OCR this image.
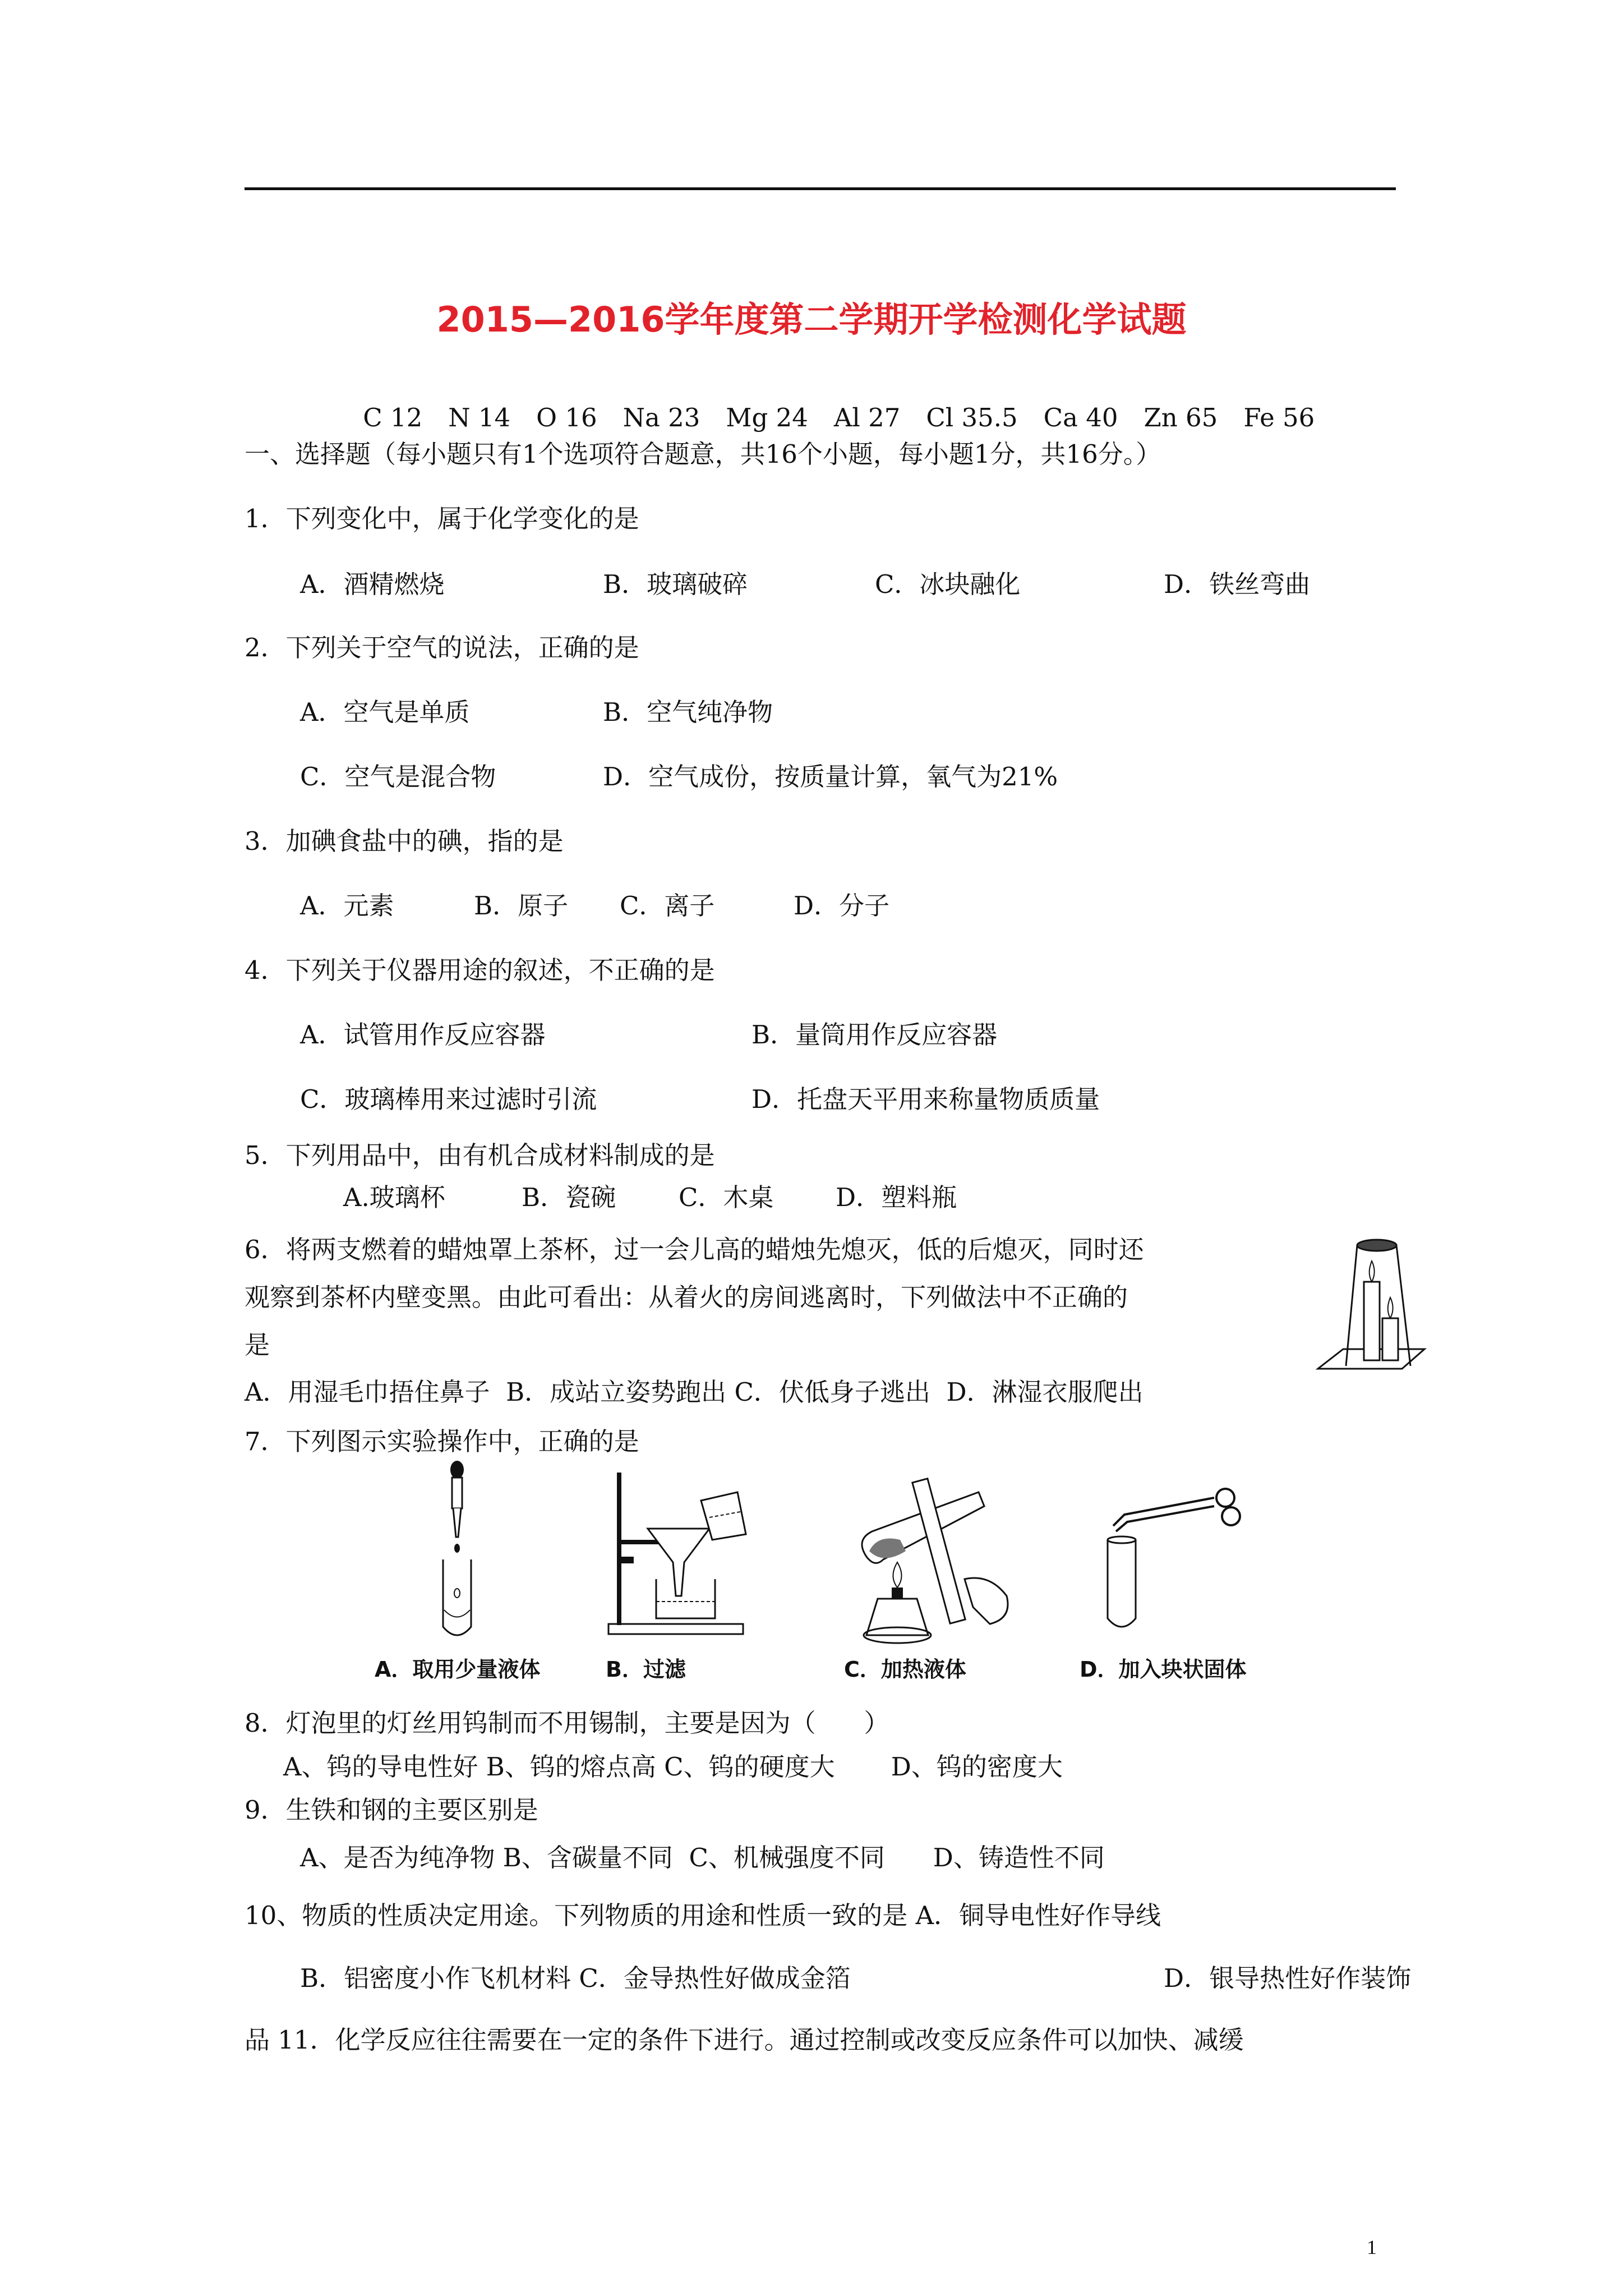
2015—2016学年度第二学期开学检测化学试题

C 12 N 14 O 16 Na 23 Mg 24 Al 27 Cl 35.5 Ca 40 Zn 65 Fe 56

一、选择题（每小题只有1个选项符合题意，共16个小题，每小题1分，共16分。）
1．下列变化中，属于化学变化的是
A．酒精燃烧	B．玻璃破碎	C．冰块融化	D．铁丝弯曲
2．下列关于空气的说法，正确的是
A．空气是单质	B．空气纯净物
C．空气是混合物	D．空气成份，按质量计算，氧气为21%
3．加碘食盐中的碘，指的是
A．元素	B．原子 C．离子	D．分子
4．下列关于仪器用途的叙述，不正确的是
A．试管用作反应容器	B．量筒用作反应容器
C．玻璃棒用来过滤时引流	D．托盘天平用来称量物质质量
5．下列用品中，由有机合成材料制成的是
A.玻璃杯	B．瓷碗 C．木桌 D．塑料瓶
6．将两支燃着的蜡烛罩上茶杯，过一会儿高的蜡烛先熄灭，低的后熄灭，同时还
观察到茶杯内壁变黑。由此可看出：从着火的房间逃离时，下列做法中不正确的
是
A．用湿毛巾捂住鼻子  B．成站立姿势跑出 C．伏低身子逃出  D．淋湿衣服爬出
7．下列图示实验操作中，正确的是
A．取用少量液体	B．过滤	C．加热液体	D．加入块状固体
8．灯泡里的灯丝用钨制而不用锡制，主要是因为（      ）
A、钨的导电性好 B、钨的熔点高 C、钨的硬度大       D、钨的密度大
9．生铁和钢的主要区别是
A、是否为纯净物 B、含碳量不同  C、机械强度不同      D、铸造性不同
10、物质的性质决定用途。下列物质的用途和性质一致的是 A．铜导电性好作导线
B．铝密度小作飞机材料 C．金导热性好做成金箔	D．银导热性好作装饰
品 11．化学反应往往需要在一定的条件下进行。通过控制或改变反应条件可以加快、减缓
1
